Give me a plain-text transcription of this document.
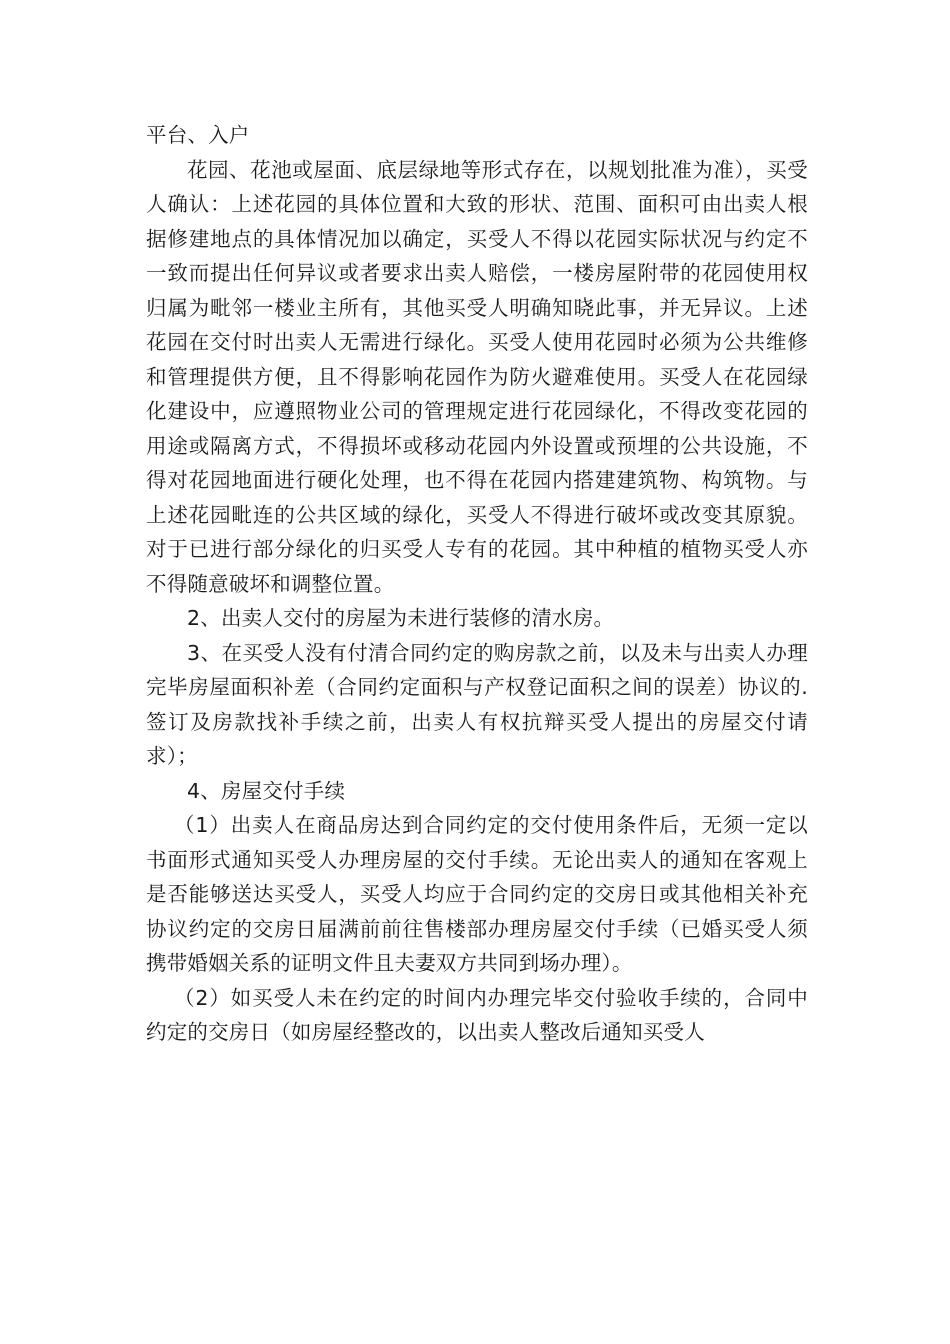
平台、入户

花园、花池或屋面、底层绿地等形式存在，以规划批准为准），买受人确认：上述花园的具体位置和大致的形状、范围、面积可由出卖人根据修建地点的具体情况加以确定，买受人不得以花园实际状况与约定不一致而提出任何异议或者要求出卖人赔偿，一楼房屋附带的花园使用权归属为毗邻一楼业主所有，其他买受人明确知晓此事，并无异议。上述花园在交付时出卖人无需进行绿化。买受人使用花园时必须为公共维修和管理提供方便，且不得影响花园作为防火避难使用。买受人在花园绿化建设中，应遵照物业公司的管理规定进行花园绿化，不得改变花园的用途或隔离方式，不得损坏或移动花园内外设置或预埋的公共设施，不得对花园地面进行硬化处理，也不得在花园内搭建建筑物、构筑物。与上述花园毗连的公共区域的绿化，买受人不得进行破坏或改变其原貌。对于已进行部分绿化的归买受人专有的花园。其中种植的植物买受人亦不得随意破坏和调整位置。

2、出卖人交付的房屋为未进行装修的清水房。

3、在买受人没有付清合同约定的购房款之前，以及未与出卖人办理完毕房屋面积补差（合同约定面积与产权登记面积之间的误差）协议的.签订及房款找补手续之前，出卖人有权抗辩买受人提出的房屋交付请求）；

4、房屋交付手续

（1）出卖人在商品房达到合同约定的交付使用条件后，无须一定以书面形式通知买受人办理房屋的交付手续。无论出卖人的通知在客观上是否能够送达买受人，买受人均应于合同约定的交房日或其他相关补充协议约定的交房日届满前前往售楼部办理房屋交付手续（已婚买受人须携带婚姻关系的证明文件且夫妻双方共同到场办理）。

（2）如买受人未在约定的时间内办理完毕交付验收手续的，合同中约定的交房日（如房屋经整改的，以出卖人整改后通知买受人
